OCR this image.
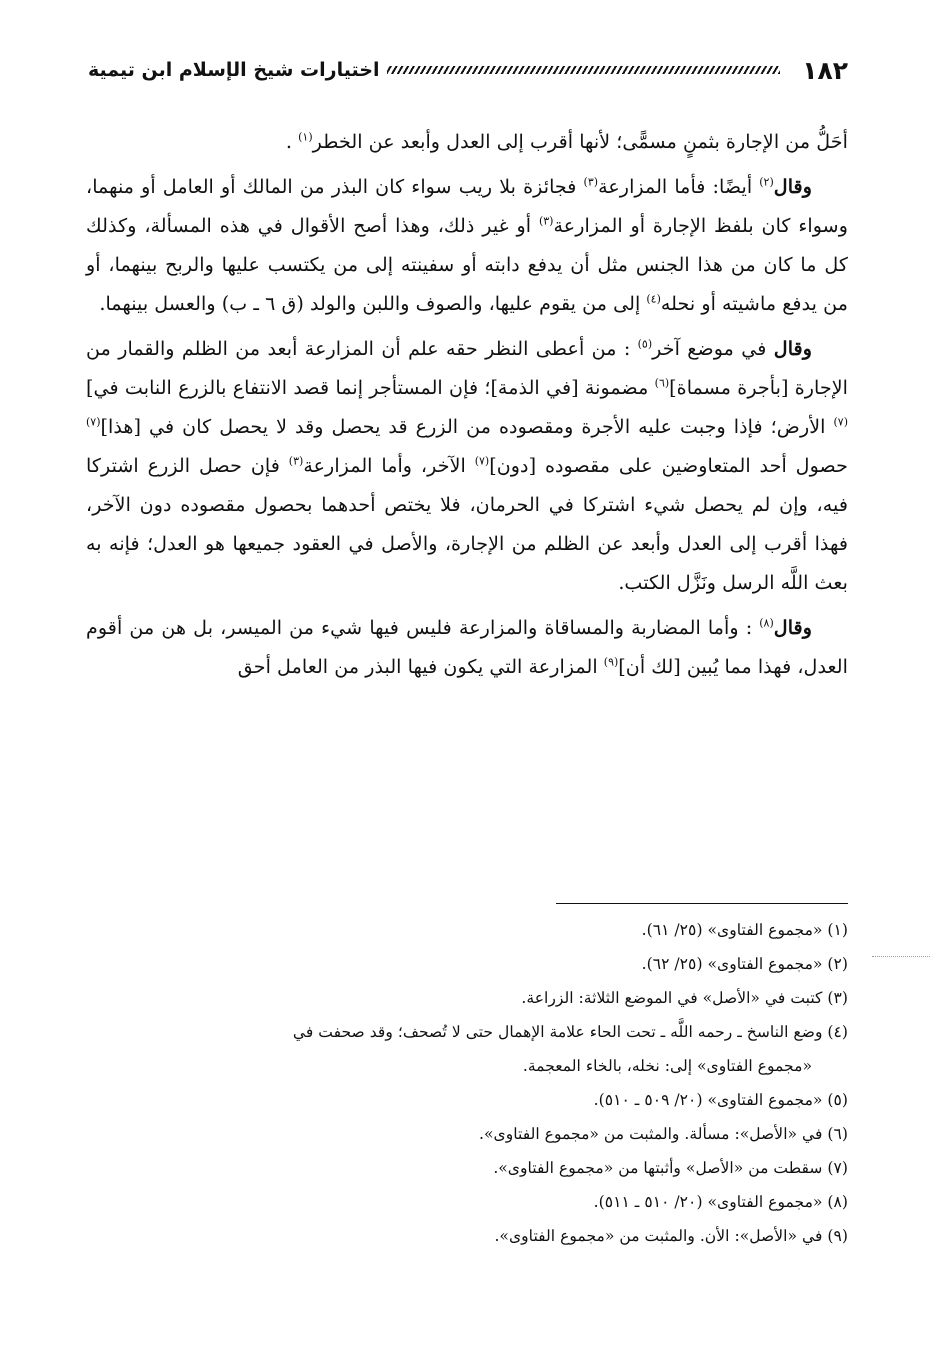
١٨٢
اختيارات شيخ الإسلام ابن تيمية

أحَلُّ من الإجارة بثمنٍ مسمًّى؛ لأنها أقرب إلى العدل وأبعد عن الخطر$^{(١)}$ .

وقال$^{(٢)}$ أيضًا: فأما المزارعة$^{(٣)}$ فجائزة بلا ريب سواء كان البذر من المالك أو العامل أو منهما، وسواء كان بلفظ الإجارة أو المزارعة$^{(٣)}$ أو غير ذلك، وهذا أصح الأقوال في هذه المسألة، وكذلك كل ما كان من هذا الجنس مثل أن يدفع دابته أو سفينته إلى من يكتسب عليها والربح بينهما، أو من يدفع ماشيته أو نحله$^{(٤)}$ إلى من يقوم عليها، والصوف واللبن والولد (ق ٦ ـ ب) والعسل بينهما.

وقال في موضع آخر$^{(٥)}$ : من أعطى النظر حقه علم أن المزارعة أبعد من الظلم والقمار من الإجارة [بأجرة مسماة]$^{(٦)}$ مضمونة [في الذمة]؛ فإن المستأجر إنما قصد الانتفاع بالزرع النابت في]$^{(٧)}$ الأرض؛ فإذا وجبت عليه الأجرة ومقصوده من الزرع قد يحصل وقد لا يحصل كان في [هذا]$^{(٧)}$ حصول أحد المتعاوضين على مقصوده [دون]$^{(٧)}$ الآخر، وأما المزارعة$^{(٣)}$ فإن حصل الزرع اشتركا فيه، وإن لم يحصل شيء اشتركا في الحرمان، فلا يختص أحدهما بحصول مقصوده دون الآخر، فهذا أقرب إلى العدل وأبعد عن الظلم من الإجارة، والأصل في العقود جميعها هو العدل؛ فإنه به بعث اللَّه الرسل ونَزَّل الكتب.

وقال$^{(٨)}$ : وأما المضاربة والمساقاة والمزارعة فليس فيها شيء من الميسر، بل هن من أقوم العدل، فهذا مما يُبين [لك أن]$^{(٩)}$ المزارعة التي يكون فيها البذر من العامل أحق

(١) «مجموع الفتاوى» (٢٥/ ٦١).

(٢) «مجموع الفتاوى» (٢٥/ ٦٢).

(٣) كتبت في «الأصل» في الموضع الثلاثة: الزراعة.

(٤) وضع الناسخ ـ رحمه اللَّه ـ تحت الحاء علامة الإهمال حتى لا تُصحف؛ وقد صحفت في

«مجموع الفتاوى» إلى: نخله، بالخاء المعجمة.

(٥) «مجموع الفتاوى» (٢٠/ ٥٠٩ ـ ٥١٠).

(٦) في «الأصل»: مسألة. والمثبت من «مجموع الفتاوى».

(٧) سقطت من «الأصل» وأثبتها من «مجموع الفتاوى».

(٨) «مجموع الفتاوى» (٢٠/ ٥١٠ ـ ٥١١).

(٩) في «الأصل»: الأن. والمثبت من «مجموع الفتاوى».
